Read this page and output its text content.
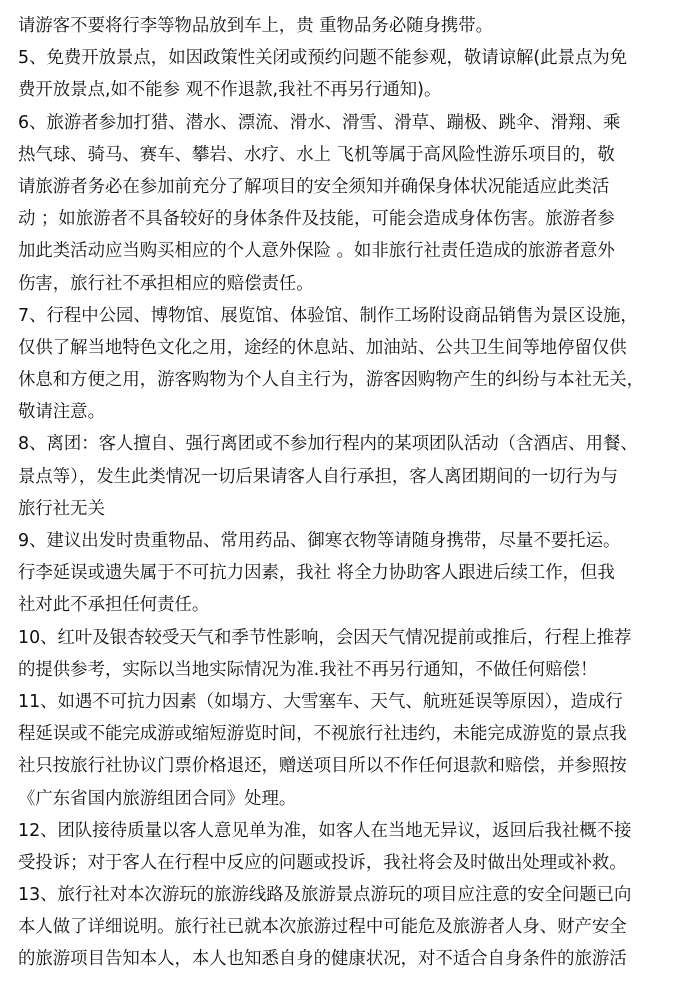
请游客不要将行李等物品放到车上，贵 重物品务必随身携带。
5、免费开放景点，如因政策性关闭或预约问题不能参观，敬请谅解(此景点为免
费开放景点,如不能参 观不作退款,我社不再另行通知)。
6、旅游者参加打猎、潜水、漂流、滑水、滑雪、滑草、蹦极、跳伞、滑翔、乘
热气球、骑马、赛车、攀岩、水疗、水上 飞机等属于高风险性游乐项目的，敬
请旅游者务必在参加前充分了解项目的安全须知并确保身体状况能适应此类活
动 ；如旅游者不具备较好的身体条件及技能，可能会造成身体伤害。旅游者参
加此类活动应当购买相应的个人意外保险 。如非旅行社责任造成的旅游者意外
伤害，旅行社不承担相应的赔偿责任。
7、行程中公园、博物馆、展览馆、体验馆、制作工场附设商品销售为景区设施，
仅供了解当地特色文化之用，途经的休息站、加油站、公共卫生间等地停留仅供
休息和方便之用，游客购物为个人自主行为，游客因购物产生的纠纷与本社无关，
敬请注意。
8、离团：客人擅自、强行离团或不参加行程内的某项团队活动（含酒店、用餐、
景点等），发生此类情况一切后果请客人自行承担，客人离团期间的一切行为与
旅行社无关
9、建议出发时贵重物品、常用药品、御寒衣物等请随身携带，尽量不要托运。
行李延误或遗失属于不可抗力因素，我社 将全力协助客人跟进后续工作，但我
社对此不承担任何责任。
10、红叶及银杏较受天气和季节性影响，会因天气情况提前或推后，行程上推荐
的提供参考，实际以当地实际情况为准.我社不再另行通知，不做任何赔偿！
11、如遇不可抗力因素（如塌方、大雪塞车、天气、航班延误等原因），造成行
程延误或不能完成游或缩短游览时间，不视旅行社违约，未能完成游览的景点我
社只按旅行社协议门票价格退还，赠送项目所以不作任何退款和赔偿，并参照按
《广东省国内旅游组团合同》处理。
12、团队接待质量以客人意见单为准，如客人在当地无异议，返回后我社概不接
受投诉；对于客人在行程中反应的问题或投诉，我社将会及时做出处理或补救。
13、旅行社对本次游玩的旅游线路及旅游景点游玩的项目应注意的安全问题已向
本人做了详细说明。旅行社已就本次旅游过程中可能危及旅游者人身、财产安全
的旅游项目告知本人，本人也知悉自身的健康状况，对不适合自身条件的旅游活
